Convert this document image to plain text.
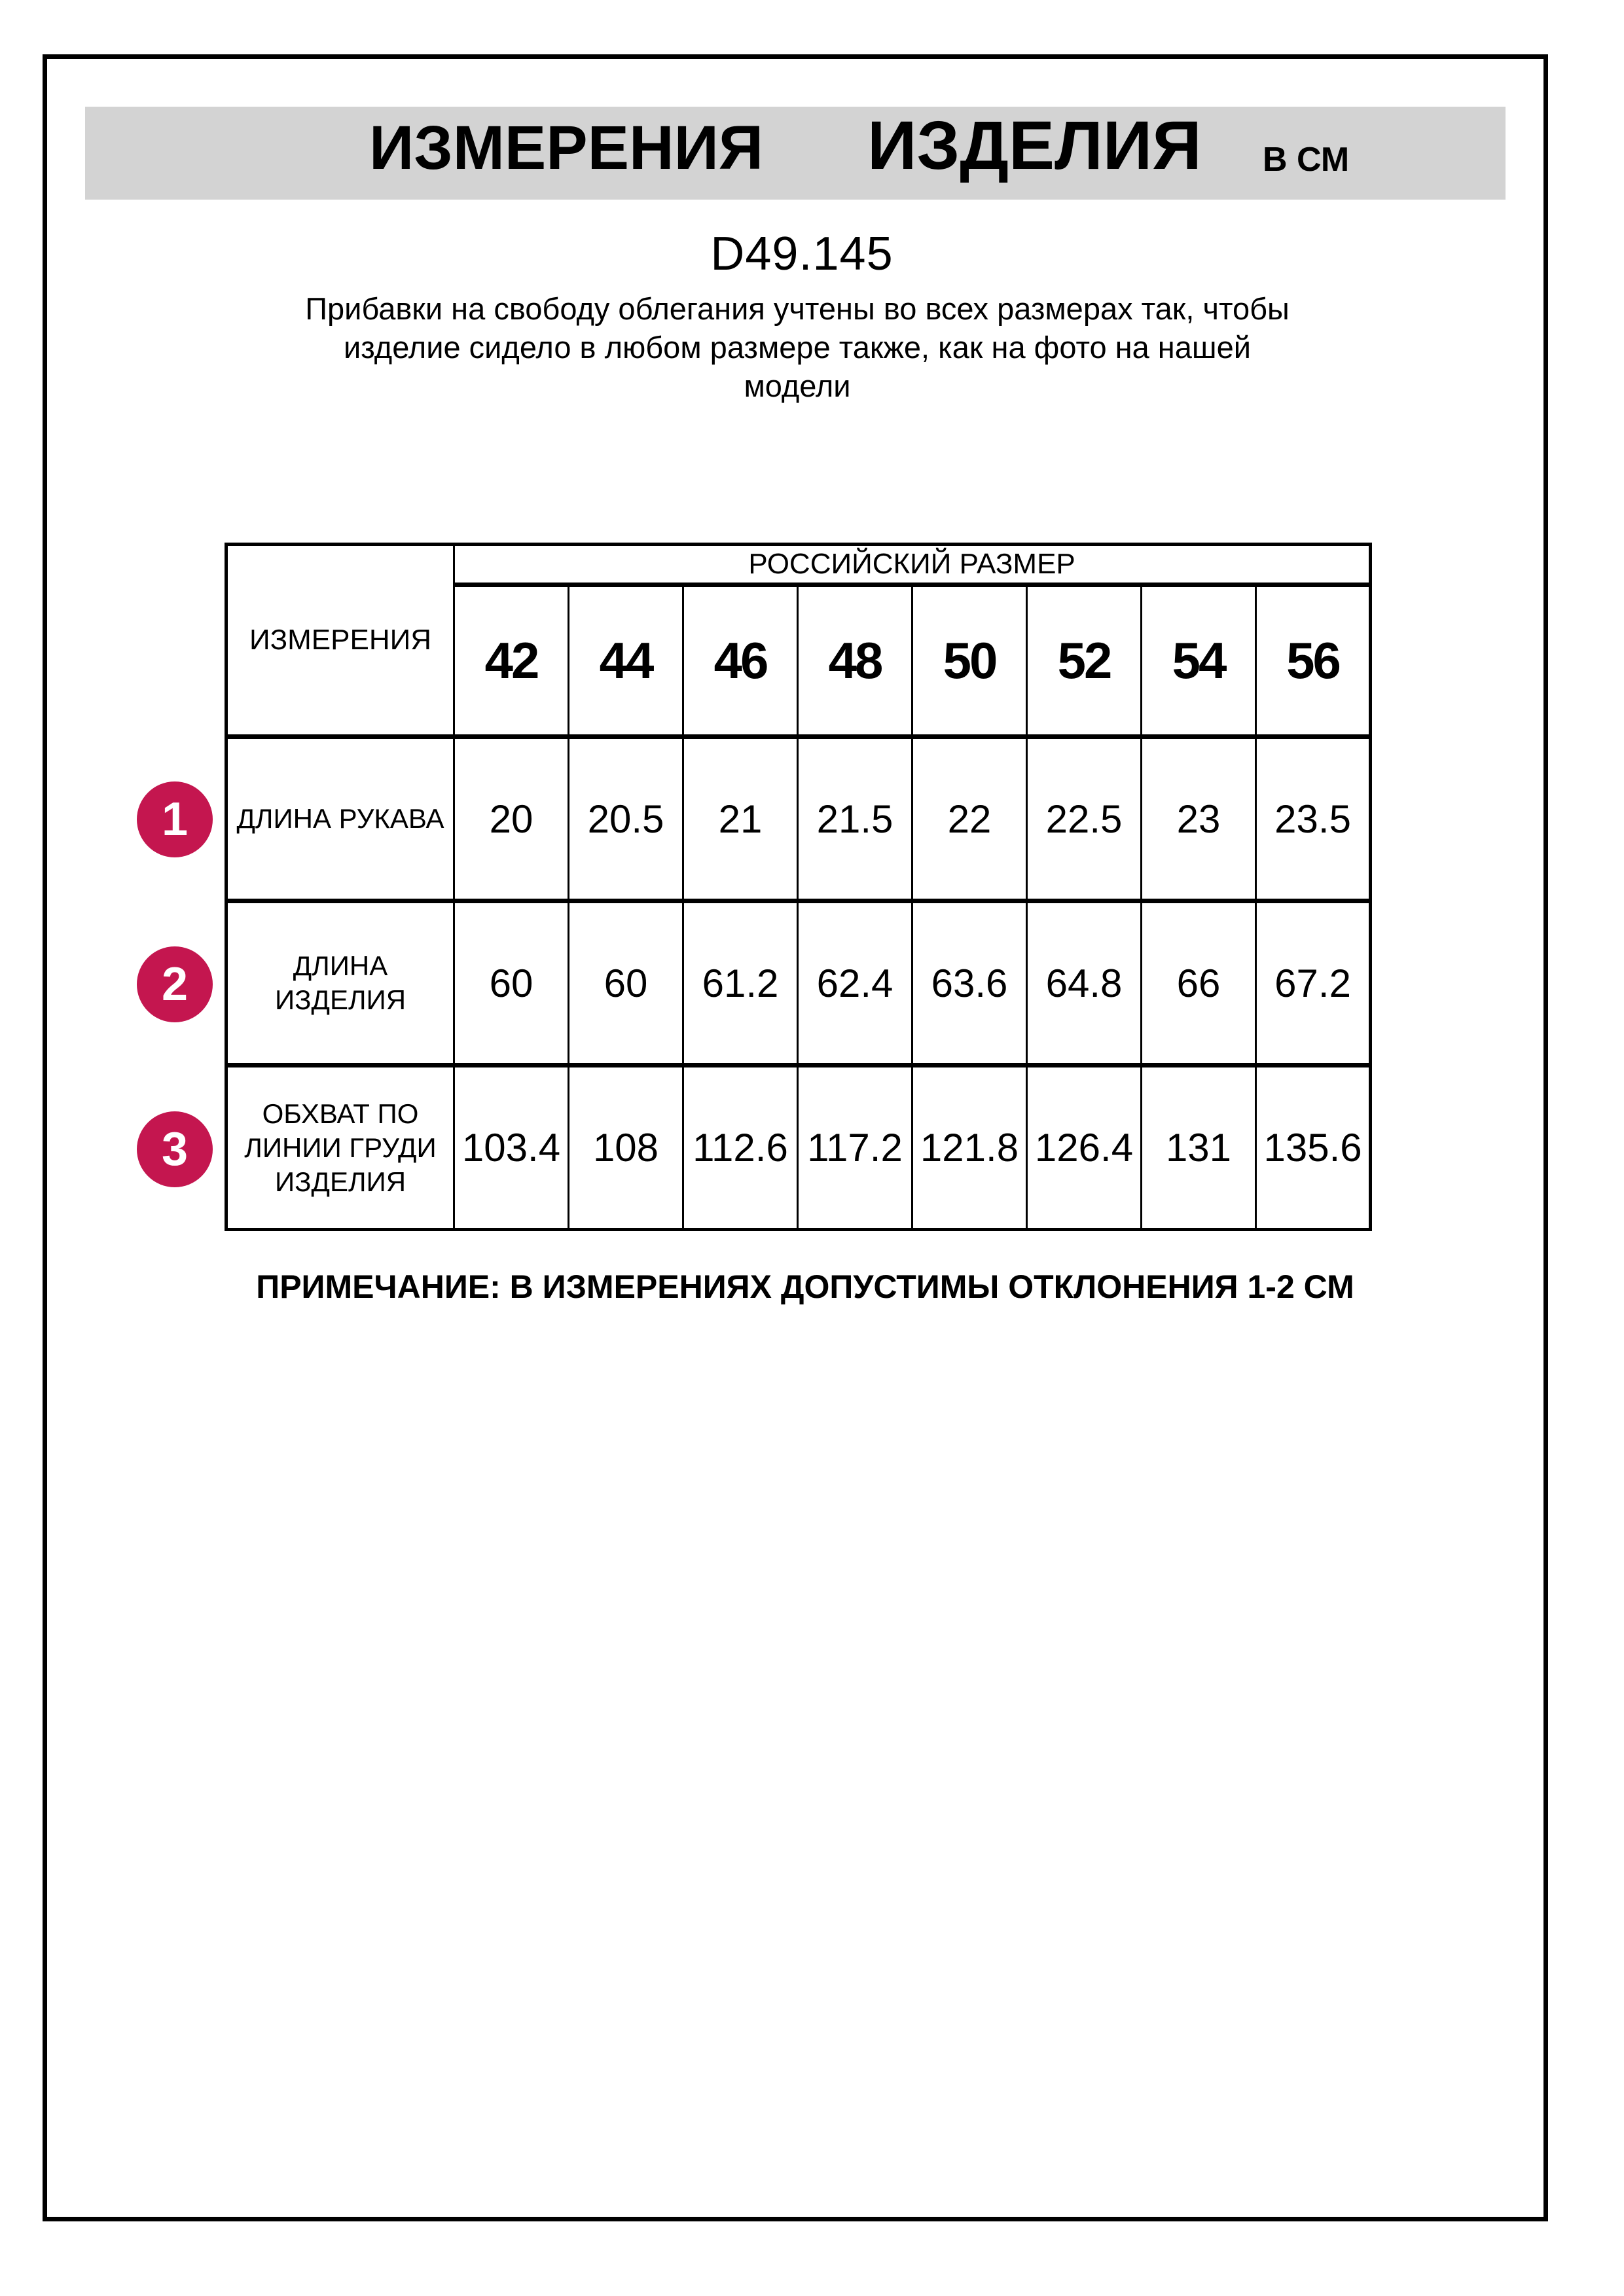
ИЗМЕРЕНИЯ ИЗДЕЛИЯ В СМ
D49.145
Прибавки на свободу облегания учтены во всех размерах так, чтобы
изделие сидело в любом размере также, как на фото на нашей
модели
ИЗМЕРЕНИЯ	РОССИЙСКИЙ РАЗМЕР							
	42	44	46	48	50	52	54	56

ДЛИНА РУКАВА	20	20.5	21	21.5	22	22.5	23	23.5

ДЛИНА
ИЗДЕЛИЯ	60	60	61.2	62.4	63.6	64.8	66	67.2

ОБХВАТ ПО
ЛИНИИ ГРУДИ
ИЗДЕЛИЯ	103.4	108	112.6	117.2	121.8	126.4	131	135.6
1
2
3
ПРИМЕЧАНИЕ: В ИЗМЕРЕНИЯХ ДОПУСТИМЫ ОТКЛОНЕНИЯ 1-2 СМ
